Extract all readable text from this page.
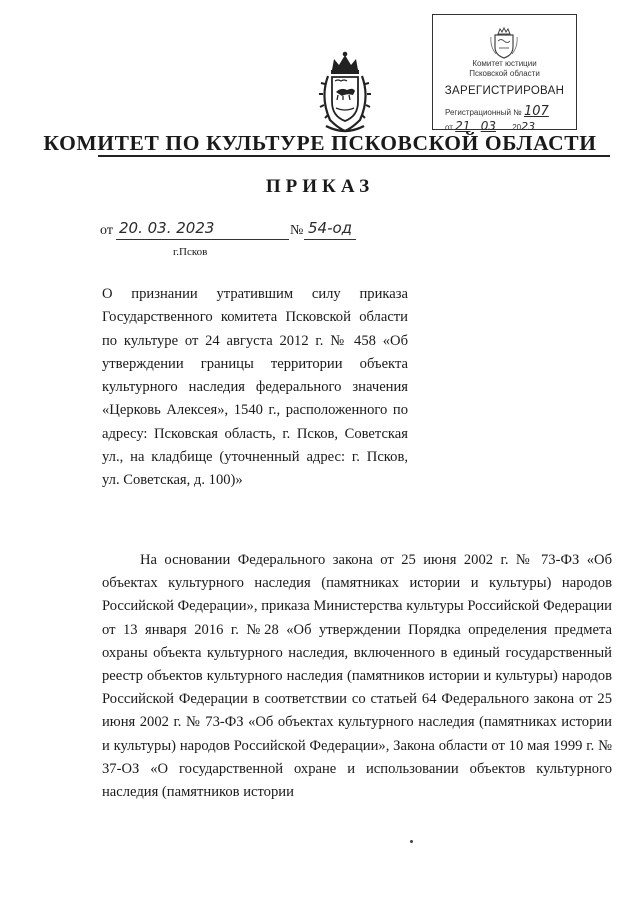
Комитет юстиции
Псковской области
ЗАРЕГИСТРИРОВАН
Регистрационный № 107
от 21 03 2023
КОМИТЕТ ПО КУЛЬТУРЕ ПСКОВСКОЙ ОБЛАСТИ
ПРИКАЗ
от 20. 03. 2023	№ 54-од
г.Псков

О признании утратившим силу приказа Государственного комитета Псковской области по культуре от 24 августа 2012 г. № 458 «Об утверждении границы территории объекта культурного наследия федерального значения «Церковь Алексея», 1540 г., расположенного по адресу: Псковская область, г. Псков, Советская ул., на кладбище (уточненный адрес: г. Псков, ул. Советская, д. 100)»

На основании Федерального закона от 25 июня 2002 г. № 73-ФЗ «Об объектах культурного наследия (памятниках истории и культуры) народов Российской Федерации», приказа Министерства культуры Российской Федерации от 13 января 2016 г. №28 «Об утверждении Порядка определения предмета охраны объекта культурного наследия, включенного в единый государственный реестр объектов культурного наследия (памятников истории и культуры) народов Российской Федерации в соответствии со статьей 64 Федерального закона от 25 июня 2002 г. № 73-ФЗ «Об объектах культурного наследия (памятниках истории и культуры) народов Российской Федерации», Закона области от 10 мая 1999 г. № 37-ОЗ «О государственной охране и использовании объектов культурного наследия (памятников истории
